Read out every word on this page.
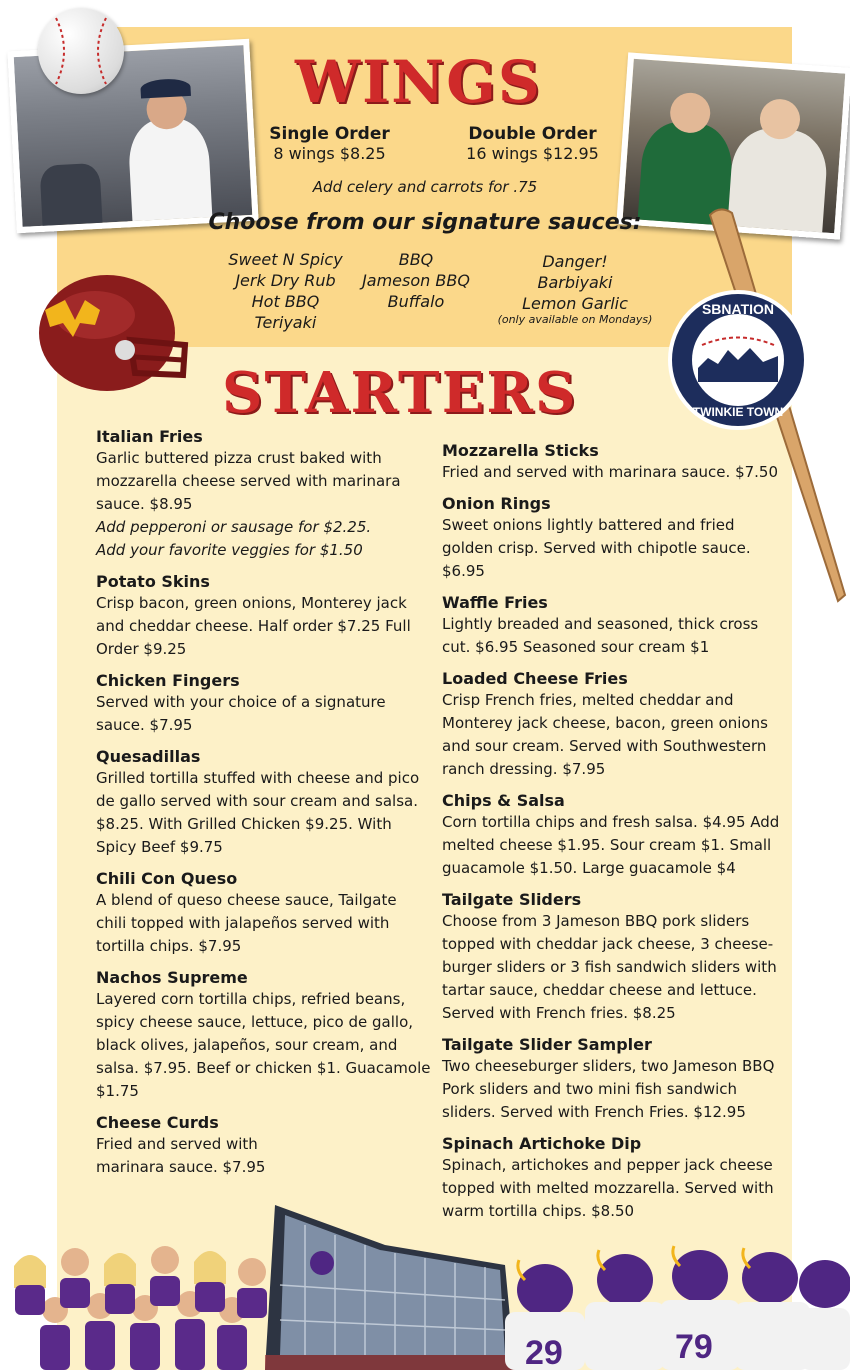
SBNATION
TWINKIE TOWN
WINGS
Single Order
8 wings $8.25
Double Order
16 wings $12.95
Add celery and carrots for .75
Choose from our signature sauces:
Sweet N Spicy
Jerk Dry Rub
Hot BBQ
Teriyaki
BBQ
Jameson BBQ
Buffalo
Danger!
Barbiyaki
Lemon Garlic
(only available on Mondays)
STARTERS
Italian Fries

Garlic buttered pizza crust baked with mozzarella cheese served with marinara sauce. $8.95

Add pepperoni or sausage for $2.25.

Add your favorite veggies for $1.50

Potato Skins

Crisp bacon, green onions, Monterey jack and cheddar cheese. Half order $7.25 Full Order $9.25

Chicken Fingers

Served with your choice of a signature sauce. $7.95

Quesadillas

Grilled tortilla stuffed with cheese and pico de gallo served with sour cream and salsa. $8.25. With Grilled Chicken $9.25. With Spicy Beef $9.75

Chili Con Queso

A blend of queso cheese sauce, Tailgate chili topped with jalapeños served with tortilla chips. $7.95

Nachos Supreme

Layered corn tortilla chips, refried beans, spicy cheese sauce, lettuce, pico de gallo, black olives, jalapeños, sour cream, and salsa. $7.95. Beef or chicken $1. Guacamole $1.75

Cheese Curds

Fried and served with marinara sauce. $7.95

Mozzarella Sticks

Fried and served with marinara sauce. $7.50

Onion Rings

Sweet onions lightly battered and fried golden crisp. Served with chipotle sauce. $6.95

Waffle Fries

Lightly breaded and seasoned, thick cross cut. $6.95 Seasoned sour cream $1

Loaded Cheese Fries

Crisp French fries, melted cheddar and Monterey jack cheese, bacon, green onions and sour cream. Served with Southwestern ranch dressing. $7.95

Chips & Salsa

Corn tortilla chips and fresh salsa. $4.95 Add melted cheese $1.95. Sour cream $1. Small guacamole $1.50. Large guacamole $4

Tailgate Sliders

Choose from 3 Jameson BBQ pork sliders topped with cheddar jack cheese, 3 cheese-burger sliders or 3 fish sandwich sliders with tartar sauce, cheddar cheese and lettuce. Served with French fries. $8.25

Tailgate Slider Sampler

Two cheeseburger sliders, two Jameson BBQ Pork sliders and two mini fish sandwich sliders. Served with French Fries. $12.95

Spinach Artichoke Dip

Spinach, artichokes and pepper jack cheese topped with melted mozzarella. Served with warm tortilla chips. $8.50

29	79
